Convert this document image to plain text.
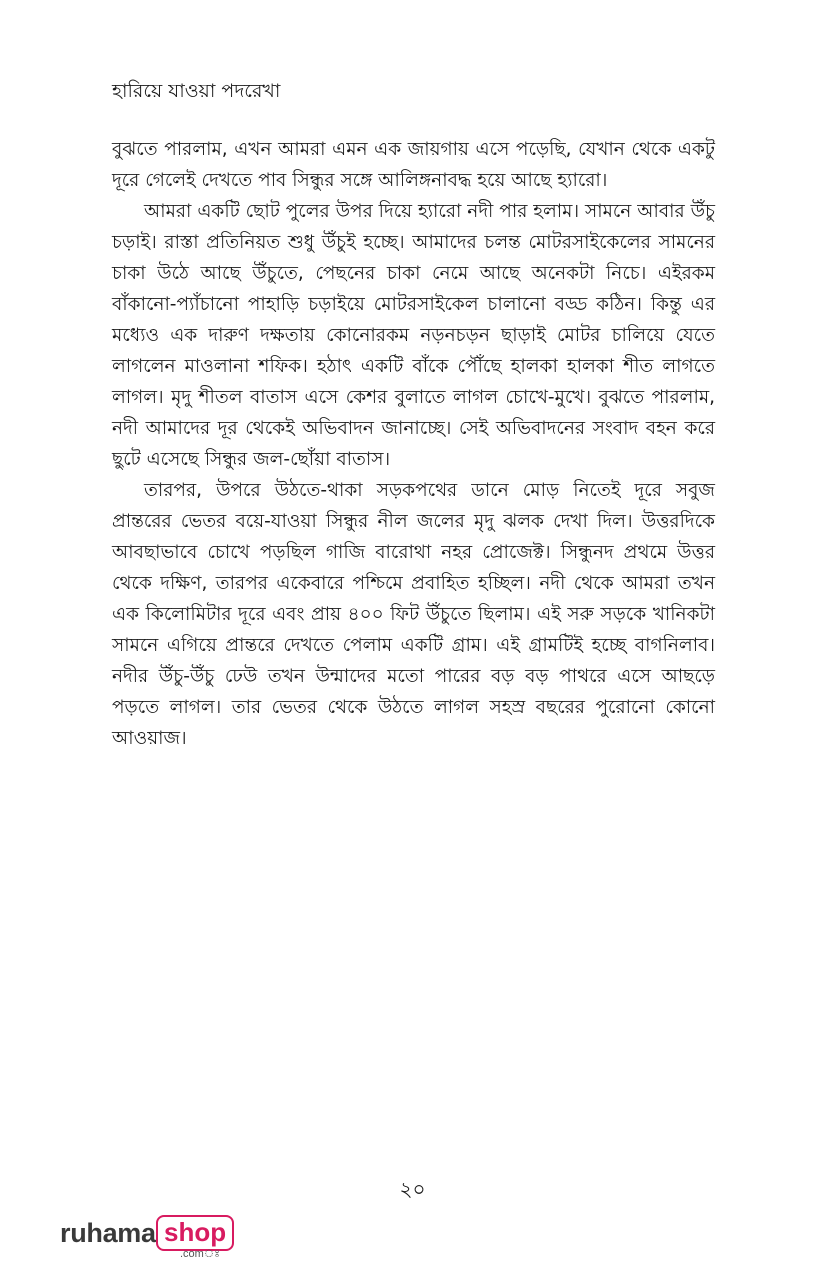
হারিয়ে যাওয়া পদরেখা

বুঝতে পারলাম, এখন আমরা এমন এক জায়গায় এসে পড়েছি, যেখান থেকে একটু দূরে গেলেই দেখতে পাব সিন্ধুর সঙ্গে আলিঙ্গনাবদ্ধ হয়ে আছে হ্যারো।

আমরা একটি ছোট পুলের উপর দিয়ে হ্যারো নদী পার হলাম। সামনে আবার উঁচু চড়াই। রাস্তা প্রতিনিয়ত শুধু উঁচুই হচ্ছে। আমাদের চলন্ত মোটরসাইকেলের সামনের চাকা উঠে আছে উঁচুতে, পেছনের চাকা নেমে আছে অনেকটা নিচে। এইরকম বাঁকানো-প্যাঁচানো পাহাড়ি চড়াইয়ে মোটরসাইকেল চালানো বড্ড কঠিন। কিন্তু এর মধ্যেও এক দারুণ দক্ষতায় কোনোরকম নড়নচড়ন ছাড়াই মোটর চালিয়ে যেতে লাগলেন মাওলানা শফিক। হঠাৎ একটি বাঁকে পৌঁছে হালকা হালকা শীত লাগতে লাগল। মৃদু শীতল বাতাস এসে কেশর বুলাতে লাগল চোখে-মুখে। বুঝতে পারলাম, নদী আমাদের দূর থেকেই অভিবাদন জানাচ্ছে। সেই অভিবাদনের সংবাদ বহন করে ছুটে এসেছে সিন্ধুর জল-ছোঁয়া বাতাস।

তারপর, উপরে উঠতে-থাকা সড়কপথের ডানে মোড় নিতেই দূরে সবুজ প্রান্তরের ভেতর বয়ে-যাওয়া সিন্ধুর নীল জলের মৃদু ঝলক দেখা দিল। উত্তরদিকে আবছাভাবে চোখে পড়ছিল গাজি বারোথা নহর প্রোজেক্ট। সিন্ধুনদ প্রথমে উত্তর থেকে দক্ষিণ, তারপর একেবারে পশ্চিমে প্রবাহিত হচ্ছিল। নদী থেকে আমরা তখন এক কিলোমিটার দূরে এবং প্রায় ৪০০ ফিট উঁচুতে ছিলাম। এই সরু সড়কে খানিকটা সামনে এগিয়ে প্রান্তরে দেখতে পেলাম একটি গ্রাম। এই গ্রামটিই হচ্ছে বাগনিলাব। নদীর উঁচু-উঁচু ঢেউ তখন উন্মাদের মতো পারের বড় বড় পাথরে এসে আছড়ে পড়তে লাগল। তার ভেতর থেকে উঠতে লাগল সহস্র বছরের পুরোনো কোনো আওয়াজ।

২০
ruhama shop
.comঃ
